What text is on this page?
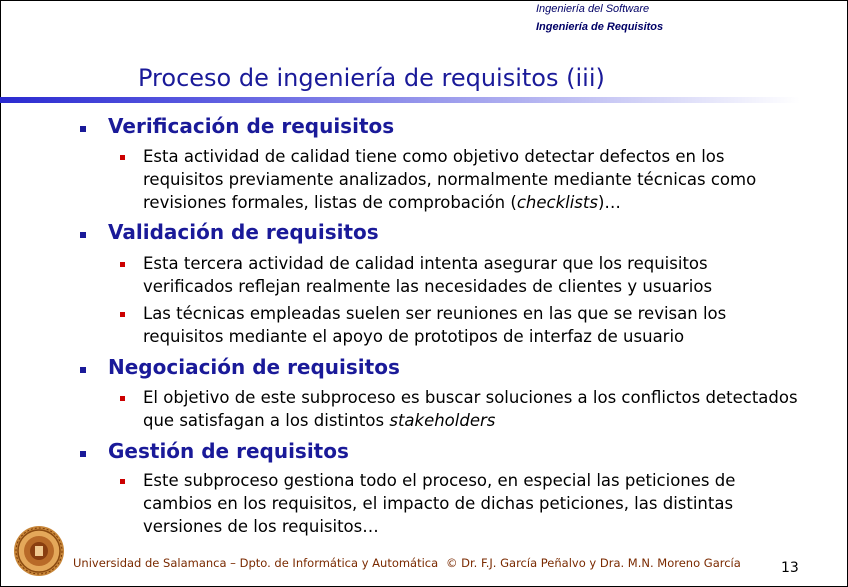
Ingeniería del Software
Ingeniería de Requisitos
Proceso de ingeniería de requisitos (iii)
Verificación de requisitos
Esta actividad de calidad tiene como objetivo detectar defectos en los
requisitos previamente analizados, normalmente mediante técnicas como
revisiones formales, listas de comprobación (checklists)…
Validación de requisitos
Esta tercera actividad de calidad intenta asegurar que los requisitos
verificados reflejan realmente las necesidades de clientes y usuarios
Las técnicas empleadas suelen ser reuniones en las que se revisan los
requisitos mediante el apoyo de prototipos de interfaz de usuario
Negociación de requisitos
El objetivo de este subproceso es buscar soluciones a los conflictos detectados
que satisfagan a los distintos stakeholders
Gestión de requisitos
Este subproceso gestiona todo el proceso, en especial las peticiones de
cambios en los requisitos, el impacto de dichas peticiones, las distintas
versiones de los requisitos…
Universidad de Salamanca – Dpto. de Informática y Automática © Dr. F.J. García Peñalvo y Dra. M.N. Moreno García	13
